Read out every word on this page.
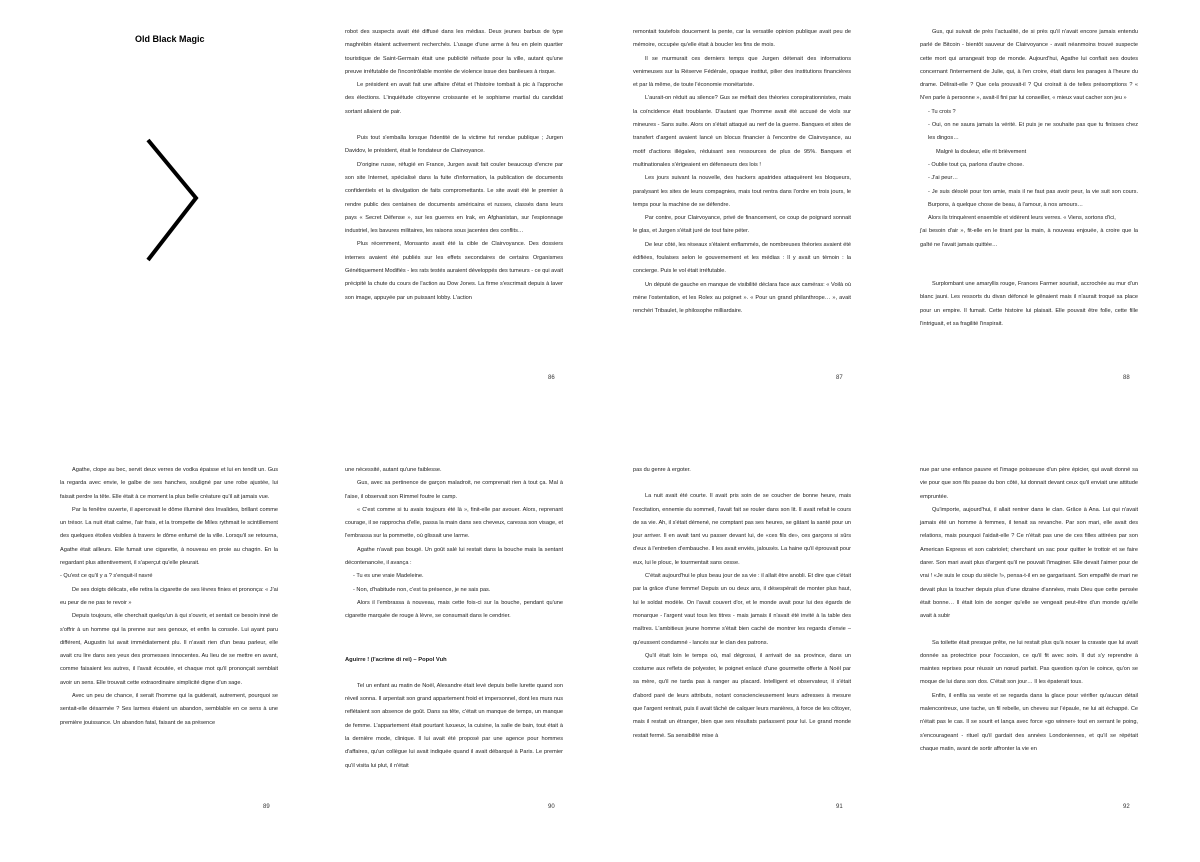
Old Black Magic

robot des suspects avait été diffusé dans les médias. Deux jeunes barbus de type maghrébin étaient activement recherchés. L'usage d'une arme à feu en plein quartier touristique de Saint-Germain était une publicité néfaste pour la ville, autant qu'une preuve irréfutable de l'incontrôlable montée de violence issue des banlieues à risque.

Le président en avait fait une affaire d'état et l'histoire tombait à pic à l'approche des élections. L'inquiétude citoyenne croissante et le sophisme martial du candidat sortant allaient de pair.

Puis tout s'emballa lorsque l'identité de la victime fut rendue publique ; Jurgen Davidov, le président, était le fondateur de Clairvoyance.

D'origine russe, réfugié en France, Jurgen avait fait couler beaucoup d'encre par son site Internet, spécialisé dans la fuite d'information, la publication de documents confidentiels et la divulgation de faits compromettants. Le site avait été le premier à rendre public des centaines de documents américains et russes, classés dans leurs pays « Secret Défense », sur les guerres en Irak, en Afghanistan, sur l'espionnage industriel, les bavures militaires, les raisons sous jacentes des conflits…

Plus récemment, Monsanto avait été la cible de Clairvoyance. Des dossiers internes avaient été publiés sur les effets secondaires de certains Organismes Génétiquement Modifiés - les rats testés auraient développés des tumeurs - ce qui avait précipité la chute du cours de l'action au Dow Jones. La firme s'escrimait depuis à laver son image, appuyée par un puissant lobby. L'action

86

remontait toutefois doucement la pente, car la versatile opinion publique avait peu de mémoire, occupée qu'elle était à boucler les fins de mois.

Il se murmurait ces derniers temps que Jurgen détenait des informations venimeuses sur la Réserve Fédérale, opaque institut, pilier des institutions financières et par là même, de toute l'économie monétariste.

L'aurait-on réduit au silence? Gus se méfiait des théories conspirationnistes, mais la coïncidence était troublante. D'autant que l'homme avait été accusé de viols sur mineures - Sans suite. Alors on s'était attaqué au nerf de la guerre. Banques et sites de transfert d'argent avaient lancé un blocus financier à l'encontre de Clairvoyance, au motif d'actions illégales, réduisant ses ressources de plus de 95%. Banques et multinationales s'érigeaient en défenseurs des lois !

Les jours suivant la nouvelle, des hackers apatrides attaquèrent les bloqueurs, paralysant les sites de leurs compagnies, mais tout rentra dans l'ordre en trois jours, le temps pour la machine de se défendre.

Par contre, pour Clairvoyance, privé de financement, ce coup de poignard sonnait le glas, et Jurgen s'était juré de tout faire péter.

De leur côté, les réseaux s'étaient enflammés, de nombreuses théories avaient été édifiées, foulaises selon le gouvernement et les médias : Il y avait un témoin : la concierge. Puis le vol était irréfutable.

Un député de gauche en manque de visibilité déclara face aux caméras: « Voilà où mène l'ostentation, et les Rolex au poignet ». « Pour un grand philanthrope… », avait renchéri Tribaulet, le philosophe milliardaire.

87

Gus, qui suivait de près l'actualité, de si près qu'il n'avait encore jamais entendu parlé de Bitcoin - bientôt sauveur de Clairvoyance - avait néanmoins trouvé suspecte cette mort qui arrangeait trop de monde. Aujourd'hui, Agathe lui confiait ses doutes concernant l'internement de Julie, qui, à l'en croire, était dans les parages à l'heure du drame. Délirait-elle ? Que cela prouvait-il ? Qui croirait à de telles présomptions ? « N'en parle à personne », avait-il fini par lui conseiller, « mieux vaut cacher son jeu »

- Tu crois ?

- Oui, on ne saura jamais la vérité. Et puis je ne souhaite pas que tu finisses chez les dingos…

Malgré la douleur, elle rit brièvement

- Oublie tout ça, parlons d'autre chose.

- J'ai peur…

- Je suis désolé pour ton amie, mais il ne faut pas avoir peur, la vie suit son cours. Burpons, à quelque chose de beau, à l'amour, à nos amours…

Alors ils trinquèrent ensemble et vidèrent leurs verres. « Viens, sortons d'ici,

j'ai besoin d'air », fit-elle en le tirant par la main, à nouveau enjouée, à croire que la gaîté ne l'avait jamais quittée…

Surplombant une amaryllis rouge, Frances Farmer souriait, accrochée au mur d'un blanc jauni. Les ressorts du divan défoncé le gênaient mais il n'aurait troqué sa place pour un empire. Il fumait. Cette histoire lui plaisait. Elle pouvait être folle, cette fille l'intriguait, et sa fragilité l'inspirait.

88

Agathe, clope au bec, servit deux verres de vodka épaisse et lui en tendit un. Gus la regarda avec envie, le galbe de ses hanches, souligné par une robe ajustée, lui faisait perdre la tête. Elle était à ce moment la plus belle créature qu'il ait jamais vue.

Par la fenêtre ouverte, il apercevait le dôme illuminé des Invalides, brillant comme un trésor. La nuit était calme, l'air frais, et la trompette de Miles rythmait le scintillement des quelques étoiles visibles à travers le dôme enfumé de la ville. Lorsqu'il se retourna, Agathe était ailleurs. Elle fumait une cigarette, à nouveau en proie au chagrin. En la regardant plus attentivement, il s'aperçut qu'elle pleurait.

- Qu'est ce qu'il y a ? s'enquit-il navré

De ses doigts délicats, elle retira la cigarette de ses lèvres finies et prononça: « J'ai eu peur de ne pas te revoir »

Depuis toujours, elle cherchait quelqu'un à qui s'ouvrir, et sentait ce besoin inné de s'offrir à un homme qui la prenne sur ses genoux, et enfin la console. Lui ayant paru différent, Augustin lui avait immédiatement plu. Il n'avait rien d'un beau parleur, elle avait cru lire dans ses yeux des promesses innocentes. Au lieu de se mettre en avant, comme faisaient les autres, il l'avait écoutée, et chaque mot qu'il prononçait semblait avoir un sens. Elle trouvait cette extraordinaire simplicité digne d'un sage.

Avec un peu de chance, il serait l'homme qui la guiderait, autrement, pourquoi se sentait-elle désarmée ? Ses larmes étaient un abandon, semblable en ce sens à une première jouissance. Un abandon fatal, faisant de sa présence

89

une nécessité, autant qu'une faiblesse.

Gus, avec sa pertinence de garçon maladroit, ne comprenait rien à tout ça. Mal à l'aise, il observait son Rimmel foutre le camp.

« C'est comme si tu avais toujours été là », finit-elle par avouer. Alors, reprenant courage, il se rapprocha d'elle, passa la main dans ses cheveux, caressa son visage, et l'embrassa sur la pommette, où glissait une larme.

Agathe n'avait pas bougé. Un goût salé lui restait dans la bouche mais la sentant décontenancée, il avança :

- Tu es une vraie Madeleine.

- Non, d'habitude non, c'est ta présence, je ne sais pas.

Alors il l'embrassa à nouveau, mais cette fois-ci sur la bouche, pendant qu'une cigarette marquée de rouge à lèvre, se consumait dans le cendrier.

Aguirre ! (l'acrime di rei) – Popol Vuh

Tel un enfant au matin de Noël, Alexandre était levé depuis belle lurette quand son réveil sonna. Il arpentait son grand appartement froid et impersonnel, dont les murs nus reflétaient son absence de goût. Dans sa tête, c'était un manque de temps, un manque de femme. L'appartement était pourtant luxueux, la cuisine, la salle de bain, tout était à la dernière mode, clinique. Il lui avait été proposé par une agence pour hommes d'affaires, qu'un collègue lui avait indiquée quand il avait débarqué à Paris. Le premier qu'il visita lui plut, il n'était

90

pas du genre à ergoter.

La nuit avait été courte. Il avait pris soin de se coucher de bonne heure, mais l'excitation, ennemie du sommeil, l'avait fait se rouler dans son lit. Il avait refait le cours de sa vie. Ah, il s'était démené, ne comptant pas ses heures, se gâtant la santé pour un jour arriver. Il en avait tant vu passer devant lui, de «ces fils de», ces garçons si sûrs d'eux à l'entretien d'embauche. Il les avait enviés, jalousés. La haine qu'il éprouvait pour eux, lui le plouc, le tourmentait sans cesse.

C'était aujourd'hui le plus beau jour de sa vie : il allait être anobli. Et dire que c'était par la grâce d'une femme! Depuis un ou deux ans, il désespérait de monter plus haut, lui le soldat modèle. On l'avait couvert d'or, et le monde avait pour lui des égards de monarque - l'argent vaut tous les titres - mais jamais il n'avait été invité à la table des maîtres. L'ambitieux jeune homme s'était bien caché de montrer les regards d'envie – qu'eussent condamné - lancés sur le clan des patrons.

Qu'il était loin le temps où, mal dégrossi, il arrivait de sa province, dans un costume aux reflets de polyester, le poignet enlacé d'une gourmette offerte à Noël par sa mère, qu'il ne tarda pas à ranger au placard. Intelligent et observateur, il s'était d'abord paré de leurs attributs, notant consciencieusement leurs adresses à mesure que l'argent rentrait, puis il avait tâché de calquer leurs manières, à force de les côtoyer, mais il restait un étranger, bien que ses résultats parlassent pour lui. Le grand monde restait fermé. Sa sensibilité mise à

91

nue par une enfance pauvre et l'image poisseuse d'un père épicier, qui avait donné sa vie pour que son fils passe du bon côté, lui donnait devant ceux qu'il enviait une attitude empruntée.

Qu'importe, aujourd'hui, il allait rentrer dans le clan. Grâce à Ana. Lui qui n'avait jamais été un homme à femmes, il tenait sa revanche. Par son mari, elle avait des relations, mais pourquoi l'aidait-elle ? Ce n'était pas une de ces filles attirées par son American Express et son cabriolet; cherchant un sac pour quitter le trottoir et se faire darer. Son mari avait plus d'argent qu'il ne pouvait l'imaginer. Elle devait l'aimer pour de vrai ! «Je suis le coup du siècle !», pensa-t-il en se gargarisant. Son empaffé de mari ne devait plus la toucher depuis plus d'une dizaine d'années, mais Dieu que cette pensée était bonne… Il était loin de songer qu'elle se vengeait peut-être d'un monde qu'elle avait à subir

Sa toilette était presque prête, ne lui restait plus qu'à nouer la cravate que lui avait donnée sa protectrice pour l'occasion, ce qu'il fit avec soin. Il dut s'y reprendre à maintes reprises pour réussir un nœud parfait. Pas question qu'on le coince, qu'on se moque de lui dans son dos. C'était son jour… Il les épaterait tous.

Enfin, il enfila sa veste et se regarda dans la glace pour vérifier qu'aucun détail malencontreux, une tache, un fil rebelle, un cheveu sur l'épaule, ne lui ait échappé. Ce n'était pas le cas. Il se sourit et lança avec force «go winner» tout en serrant le poing, s'encourageant - rituel qu'il gardait des années Londoniennes, et qu'il se répétait chaque matin, avant de sortir affronter la vie en

92
